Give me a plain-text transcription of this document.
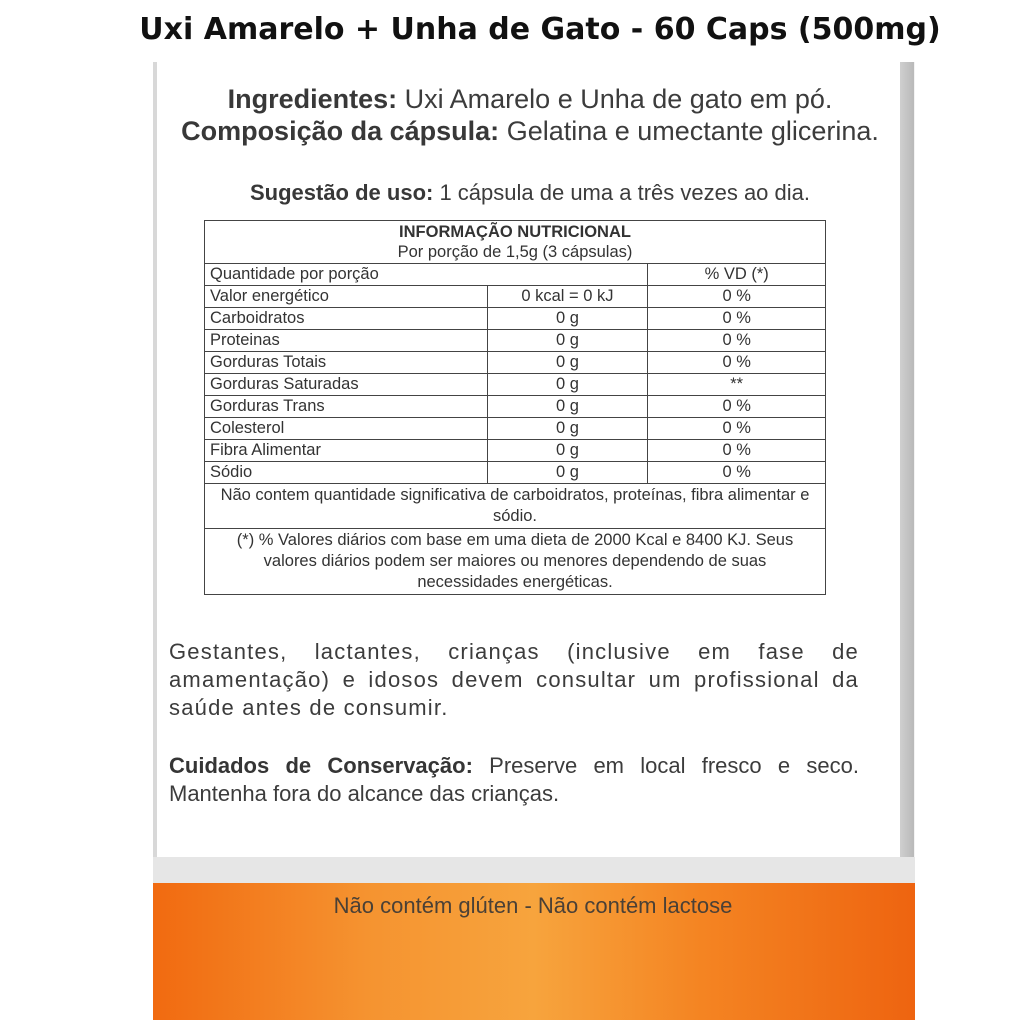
Uxi Amarelo + Unha de Gato - 60 Caps (500mg)
Ingredientes: Uxi Amarelo e Unha de gato em pó.
Composição da cápsula: Gelatina e umectante glicerina.
Sugestão de uso: 1 cápsula de uma a três vezes ao dia.
INFORMAÇÃO NUTRICIONAL
Por porção de 1,5g (3 cápsulas)		

Quantidade por porção		% VD (*)
Valor energético	0 kcal = 0 kJ	0 %
Carboidratos	0 g	0 %
Proteinas	0 g	0 %
Gorduras Totais	0 g	0 %
Gorduras Saturadas	0 g	**
Gorduras Trans	0 g	0 %
Colesterol	0 g	0 %
Fibra Alimentar	0 g	0 %
Sódio	0 g	0 %
Não contem quantidade significativa de carboidratos, proteínas, fibra alimentar e sódio.		
(*) % Valores diários com base em uma dieta de 2000 Kcal e 8400 KJ. Seus valores diários podem ser maiores ou menores dependendo de suas necessidades energéticas.		
Gestantes, lactantes, crianças (inclusive em fase de amamentação) e idosos devem consultar um profissional da saúde antes de consumir.
Cuidados de Conservação: Preserve em local fresco e seco. Mantenha fora do alcance das crianças.
Não contém glúten - Não contém lactose
